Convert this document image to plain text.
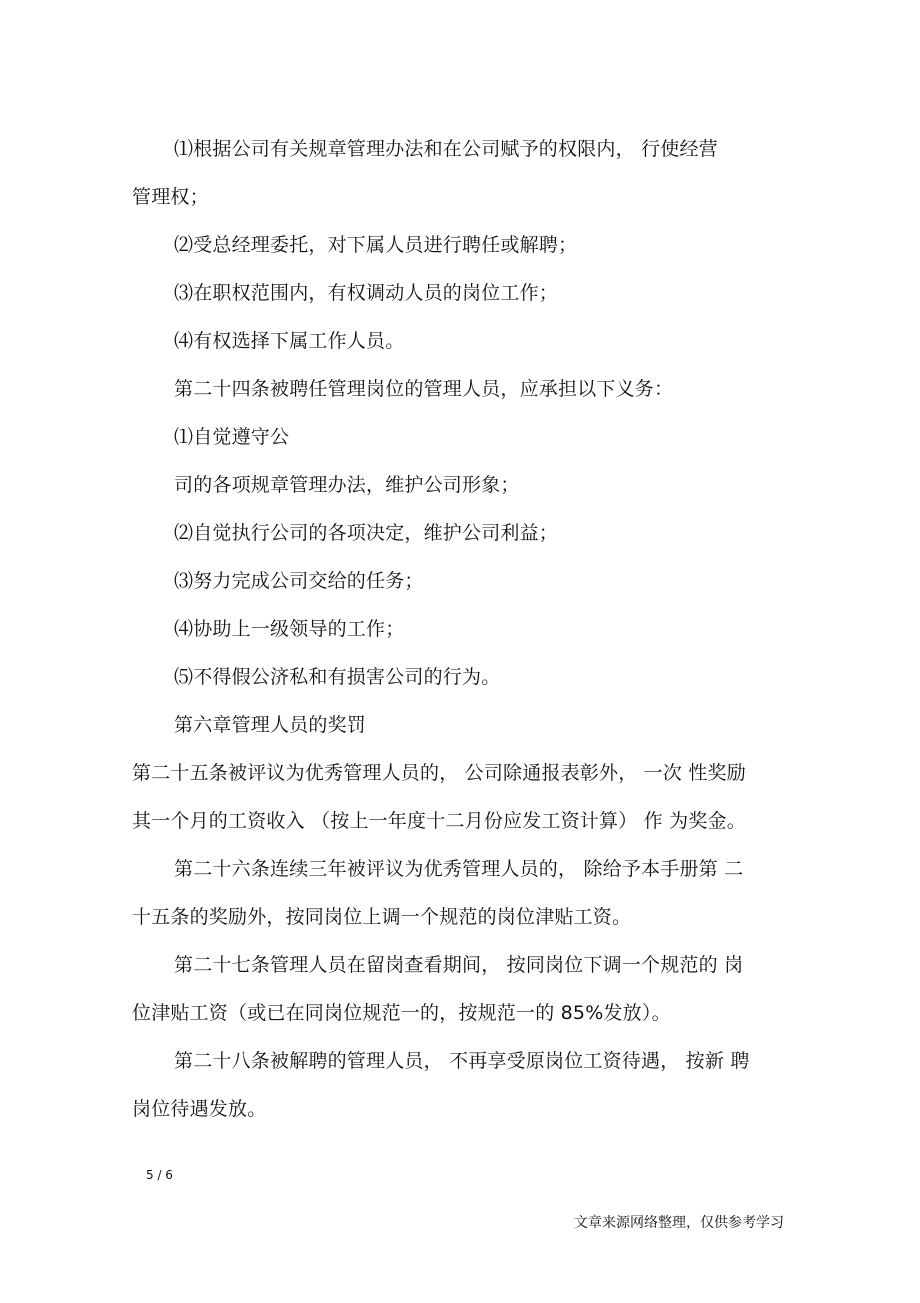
⑴根据公司有关规章管理办法和在公司赋予的权限内， 行使经营
管理权；
⑵受总经理委托，对下属人员进行聘任或解聘；
⑶在职权范围内，有权调动人员的岗位工作；
⑷有权选择下属工作人员。
第二十四条被聘任管理岗位的管理人员，应承担以下义务：
⑴自觉遵守公
司的各项规章管理办法，维护公司形象；
⑵自觉执行公司的各项决定，维护公司利益；
⑶努力完成公司交给的任务；
⑷协助上一级领导的工作；
⑸不得假公济私和有损害公司的行为。
第六章管理人员的奖罚
第二十五条被评议为优秀管理人员的， 公司除通报表彰外， 一次 性奖励
其一个月的工资收入 （按上一年度十二月份应发工资计算） 作 为奖金。
第二十六条连续三年被评议为优秀管理人员的， 除给予本手册第 二
十五条的奖励外，按同岗位上调一个规范的岗位津贴工资。
第二十七条管理人员在留岗查看期间， 按同岗位下调一个规范的 岗
位津贴工资（或已在同岗位规范一的，按规范一的 85%发放）。
第二十八条被解聘的管理人员， 不再享受原岗位工资待遇， 按新 聘
岗位待遇发放。
5 / 6
文章来源网络整理，仅供参考学习
